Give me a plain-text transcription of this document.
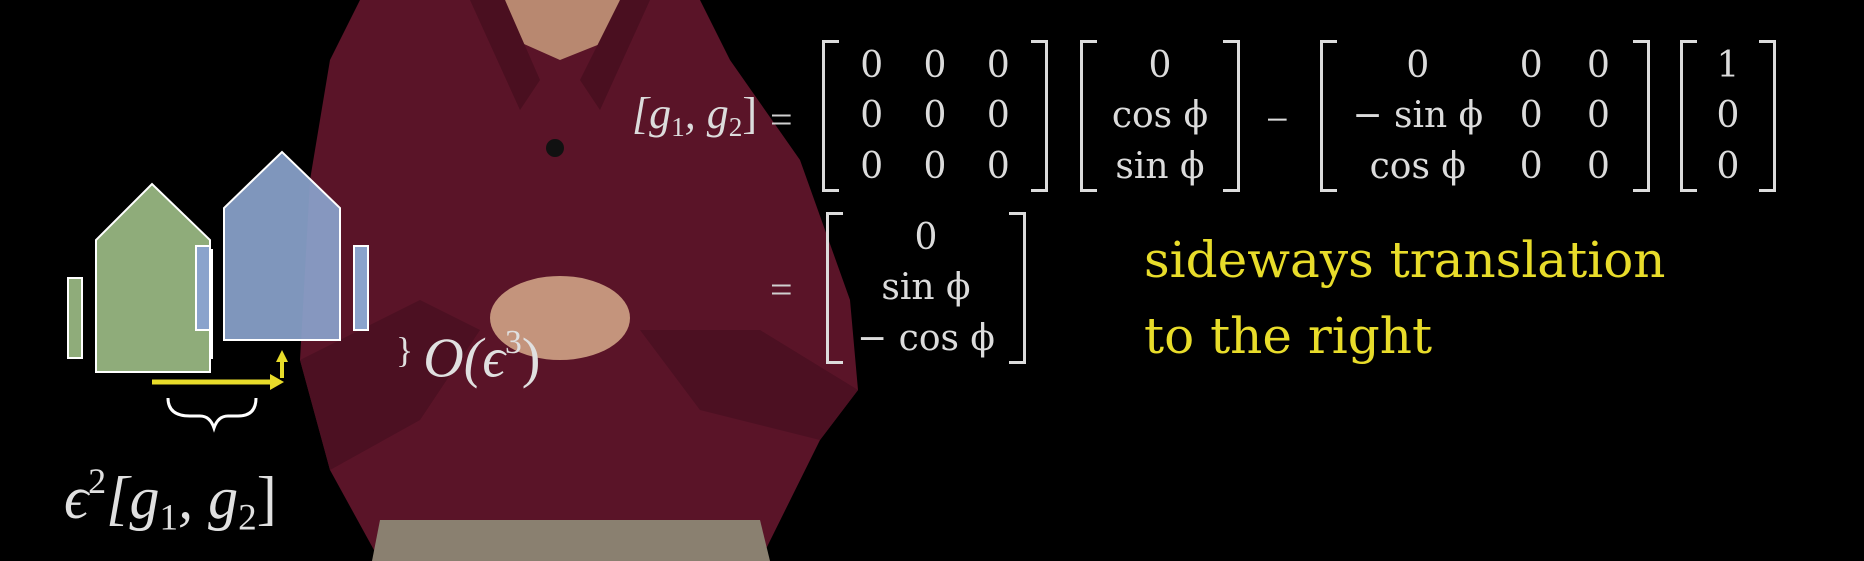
[$g_1$, $g_2$] =
0 0 0
0 0 0
0 0 0
0
cos ϕ
sin ϕ
−
0	0 0
− sin ϕ 0 0
cos ϕ 0 0
1
0
0
=
0
sin ϕ
− cos ϕ
sideways translation
to the right
} $O(\epsilon^3)$
$\epsilon^2[g_1$, $g_2$]
